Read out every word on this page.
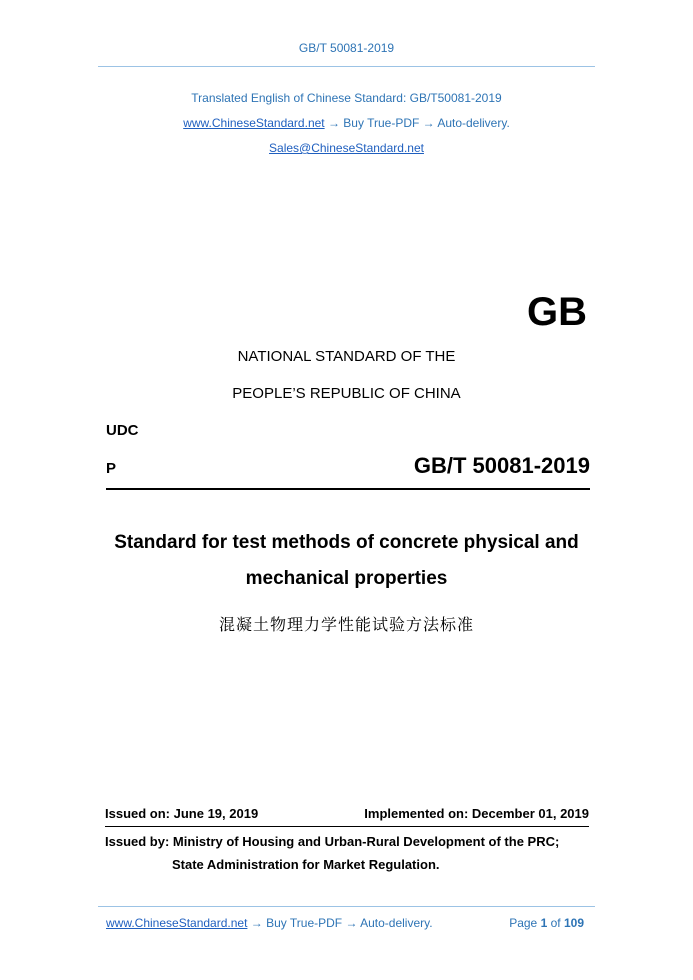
GB/T 50081-2019
Translated English of Chinese Standard: GB/T50081-2019
www.ChineseStandard.net → Buy True-PDF → Auto-delivery.
Sales@ChineseStandard.net
GB
NATIONAL STANDARD OF THE
PEOPLE’S REPUBLIC OF CHINA
UDC
P	GB/T 50081-2019
Standard for test methods of concrete physical and
mechanical properties
混凝土物理力学性能试验方法标准
Issued on: June 19, 2019	Implemented on: December 01, 2019
Issued by: Ministry of Housing and Urban-Rural Development of the PRC;
State Administration for Market Regulation.
www.ChineseStandard.net → Buy True-PDF → Auto-delivery.	Page 1 of 109
